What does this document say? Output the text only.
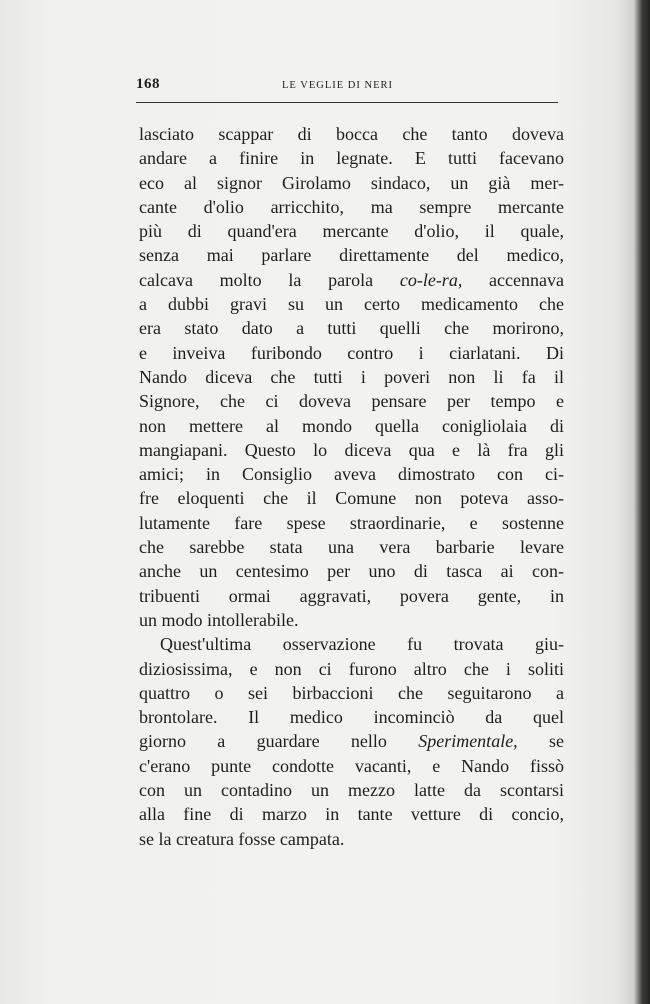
168	LE VEGLIE DI NERI
lasciato scappar di bocca che tanto doveva
andare a finire in legnate. E tutti facevano
eco al signor Girolamo sindaco, un già mer-
cante d'olio arricchito, ma sempre mercante
più di quand'era mercante d'olio, il quale,
senza mai parlare direttamente del medico,
calcava molto la parola co-le-ra, accennava
a dubbi gravi su un certo medicamento che
era stato dato a tutti quelli che morirono,
e inveiva furibondo contro i ciarlatani. Di
Nando diceva che tutti i poveri non li fa il
Signore, che ci doveva pensare per tempo e
non mettere al mondo quella conigliolaia di
mangiapani. Questo lo diceva qua e là fra gli
amici; in Consiglio aveva dimostrato con ci-
fre eloquenti che il Comune non poteva asso-
lutamente fare spese straordinarie, e sostenne
che sarebbe stata una vera barbarie levare
anche un centesimo per uno di tasca ai con-
tribuenti ormai aggravati, povera gente, in
un modo intollerabile.
Quest'ultima osservazione fu trovata giu-
diziosissima, e non ci furono altro che i soliti
quattro o sei birbaccioni che seguitarono a
brontolare. Il medico incominciò da quel
giorno a guardare nello Sperimentale, se
c'erano punte condotte vacanti, e Nando fissò
con un contadino un mezzo latte da scontarsi
alla fine di marzo in tante vetture di concio,
se la creatura fosse campata.
